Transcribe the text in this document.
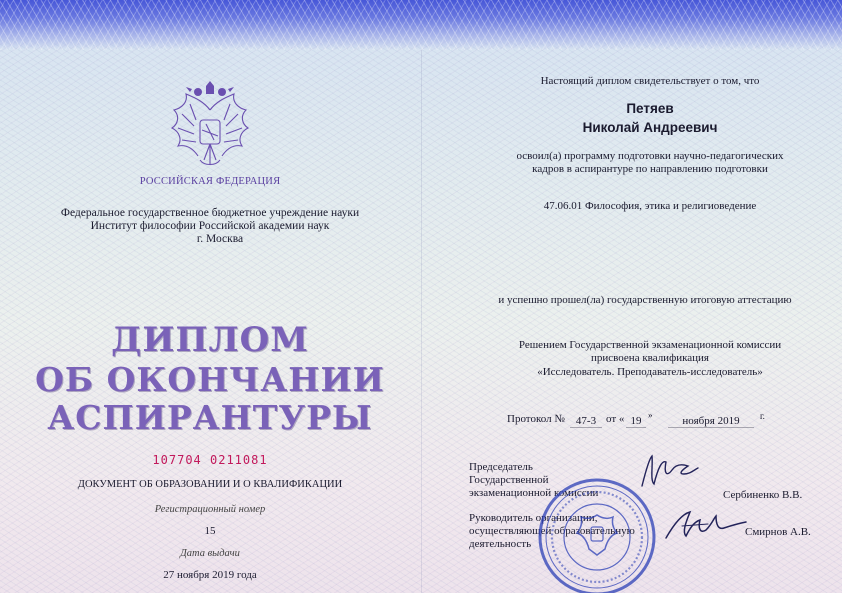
РОССИЙСКАЯ ФЕДЕРАЦИЯ
Федеральное государственное бюджетное учреждение науки
Институт философии Российской академии наук
г. Москва
ДИПЛОМ
ОБ ОКОНЧАНИИ
АСПИРАНТУРЫ
107704 0211081
ДОКУМЕНТ ОБ ОБРАЗОВАНИИ И О КВАЛИФИКАЦИИ
Регистрационный номер
15
Дата выдачи
27 ноября 2019 года
Настоящий диплом свидетельствует о том, что
Петяев
Николай Андреевич
освоил(а) программу подготовки научно-педагогических
кадров в аспирантуре по направлению подготовки
47.06.01 Философия, этика и религиоведение
и успешно прошел(ла) государственную итоговую аттестацию
Решением Государственной экзаменационной комиссии
присвоена квалификация
«Исследователь. Преподаватель-исследователь»
Протокол №	47-3 от « 19 »	ноября 2019	г.
Председатель
Государственной
экзаменационной комиссии	Сербиненко В.В.
Руководитель организации,
осуществляющей образовательную
деятельность
Смирнов А.В.
